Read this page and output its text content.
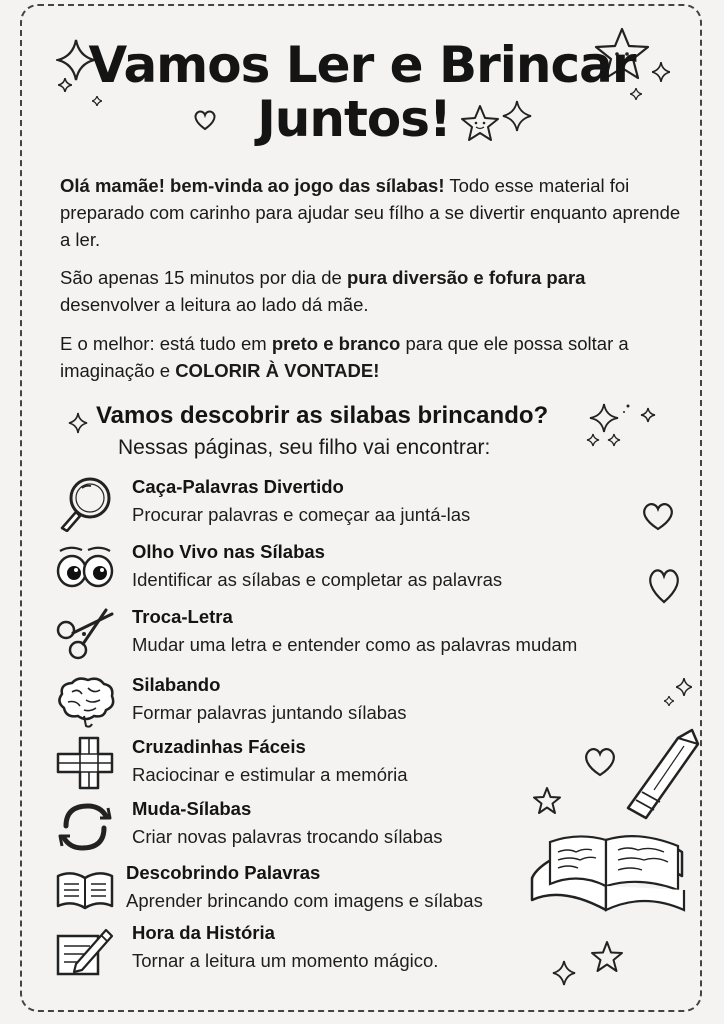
Vamos Ler e Brincar
Juntos!

Olá mamãe! bem-vinda ao jogo das sílabas! Todo esse material foi preparado com carinho para ajudar seu fílho a se divertir enquanto aprende a ler.

São apenas 15 minutos por dia de pura diversão e fofura para desenvolver a leitura ao lado dá mãe.

E o melhor: está tudo em preto e branco para que ele possa soltar a imaginação e COLORIR À VONTADE!

Vamos descobrir as silabas brincando?

Nessas páginas, seu filho vai encontrar:

Caça-Palavras Divertido

Procurar palavras e começar aa juntá-las

Olho Vivo nas Sílabas

Identificar as sílabas e completar as palavras

Troca-Letra

Mudar uma letra e entender como as palavras mudam

Silabando

Formar palavras juntando sílabas

Cruzadinhas Fáceis

Raciocinar e estimular a memória

Muda-Sílabas

Criar novas palavras trocando sílabas

Descobrindo Palavras

Aprender brincando com imagens e sílabas

Hora da História

Tornar a leitura um momento mágico.
